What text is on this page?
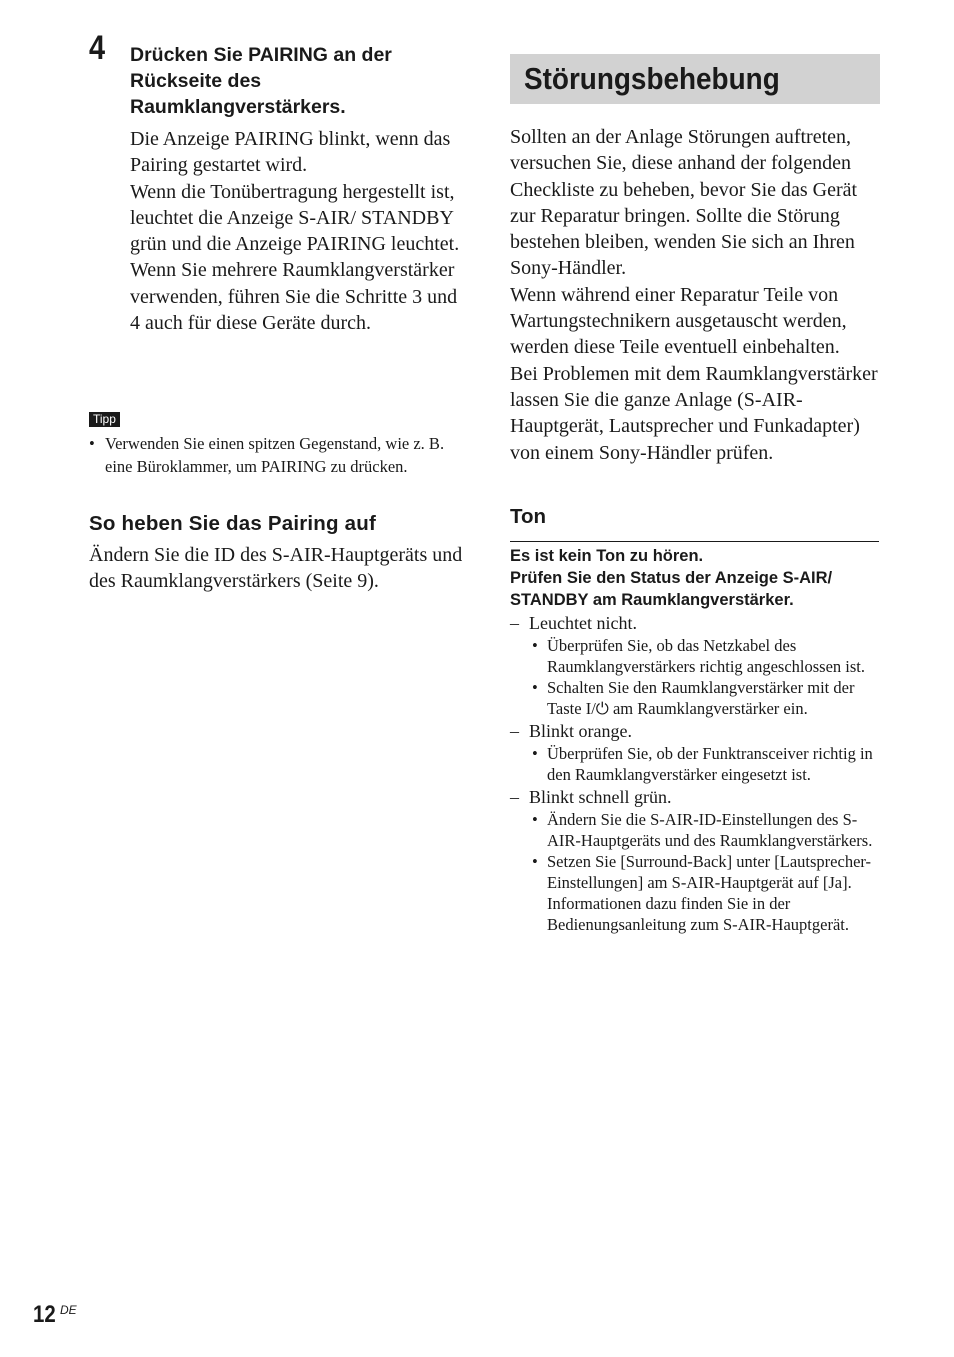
4 Drücken Sie PAIRING an der Rückseite des Raumklangverstärkers.

Die Anzeige PAIRING blinkt, wenn das Pairing gestartet wird.

Wenn die Tonübertragung hergestellt ist, leuchtet die Anzeige S-AIR/ STANDBY grün und die Anzeige PAIRING leuchtet.

Wenn Sie mehrere Raumklangverstärker verwenden, führen Sie die Schritte 3 und 4 auch für diese Geräte durch.

Tipp
• Verwenden Sie einen spitzen Gegenstand, wie z. B. eine Büroklammer, um PAIRING zu drücken.
So heben Sie das Pairing auf

Ändern Sie die ID des S-AIR-Hauptgeräts und des Raumklangverstärkers (Seite 9).

Störungsbehebung

Sollten an der Anlage Störungen auftreten, versuchen Sie, diese anhand der folgenden Checkliste zu beheben, bevor Sie das Gerät zur Reparatur bringen. Sollte die Störung bestehen bleiben, wenden Sie sich an Ihren Sony-Händler.

Wenn während einer Reparatur Teile von Wartungstechnikern ausgetauscht werden, werden diese Teile eventuell einbehalten.

Bei Problemen mit dem Raumklangverstärker lassen Sie die ganze Anlage (S-AIR-Hauptgerät, Lautsprecher und Funkadapter) von einem Sony-Händler prüfen.

Ton
Es ist kein Ton zu hören.
Prüfen Sie den Status der Anzeige S-AIR/ STANDBY am Raumklangverstärker.
– Leuchtet nicht.
• Überprüfen Sie, ob das Netzkabel des Raumklangverstärkers richtig angeschlossen ist.
• Schalten Sie den Raumklangverstärker mit der Taste I/⏻ am Raumklangverstärker ein.
– Blinkt orange.
• Überprüfen Sie, ob der Funktransceiver richtig in den Raumklangverstärker eingesetzt ist.
– Blinkt schnell grün.
• Ändern Sie die S-AIR-ID-Einstellungen des S-AIR-Hauptgeräts und des Raumklangverstärkers.
• Setzen Sie [Surround-Back] unter [Lautsprecher-Einstellungen] am S-AIR-Hauptgerät auf [Ja]. Informationen dazu finden Sie in der Bedienungsanleitung zum S-AIR-Hauptgerät.
12 DE
